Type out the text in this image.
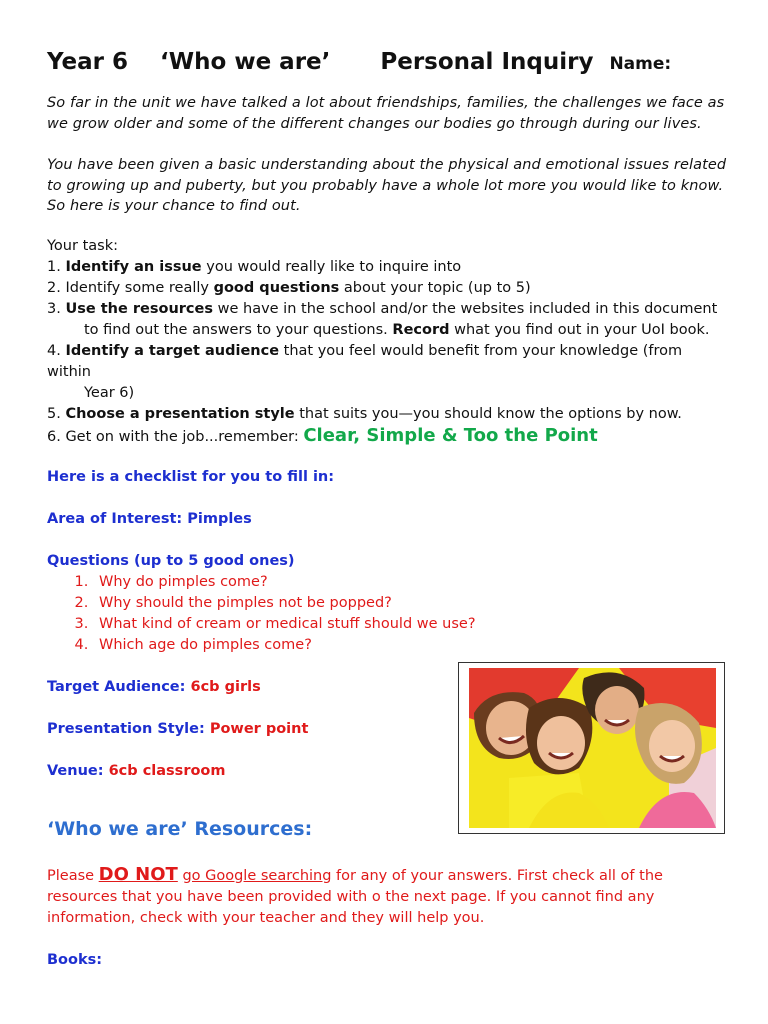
Year 6 ‘Who we are’ Personal Inquiry Name:

So far in the unit we have talked a lot about friendships, families, the challenges we face as we grow older and some of the different changes our bodies go through during our lives.

You have been given a basic understanding about the physical and emotional issues related to growing up and puberty, but you probably have a whole lot more you would like to know. So here is your chance to find out.

Your task:

1. Identify an issue you would really like to inquire into
2. Identify some really good questions about your topic (up to 5)
3. Use the resources we have in the school and/or the websites included in this document
to find out the answers to your questions. Record what you find out in your UoI book.
4. Identify a target audience that you feel would benefit from your knowledge (from within
Year 6)
5. Choose a presentation style that suits you—you should know the options by now.
6. Get on with the job...remember: Clear, Simple & Too the Point

Here is a checklist for you to fill in:

Area of Interest: Pimples

Questions (up to 5 good ones)

1. Why do pimples come?
2. Why should the pimples not be popped?
3. What kind of cream or medical stuff should we use?
4. Which age do pimples come?

Target Audience: 6cb girls

Presentation Style: Power point

Venue: 6cb classroom

‘Who we are’ Resources:

Please DO NOT go Google searching for any of your answers. First check all of the resources that you have been provided with o the next page. If you cannot find any information, check with your teacher and they will help you.

Books:
